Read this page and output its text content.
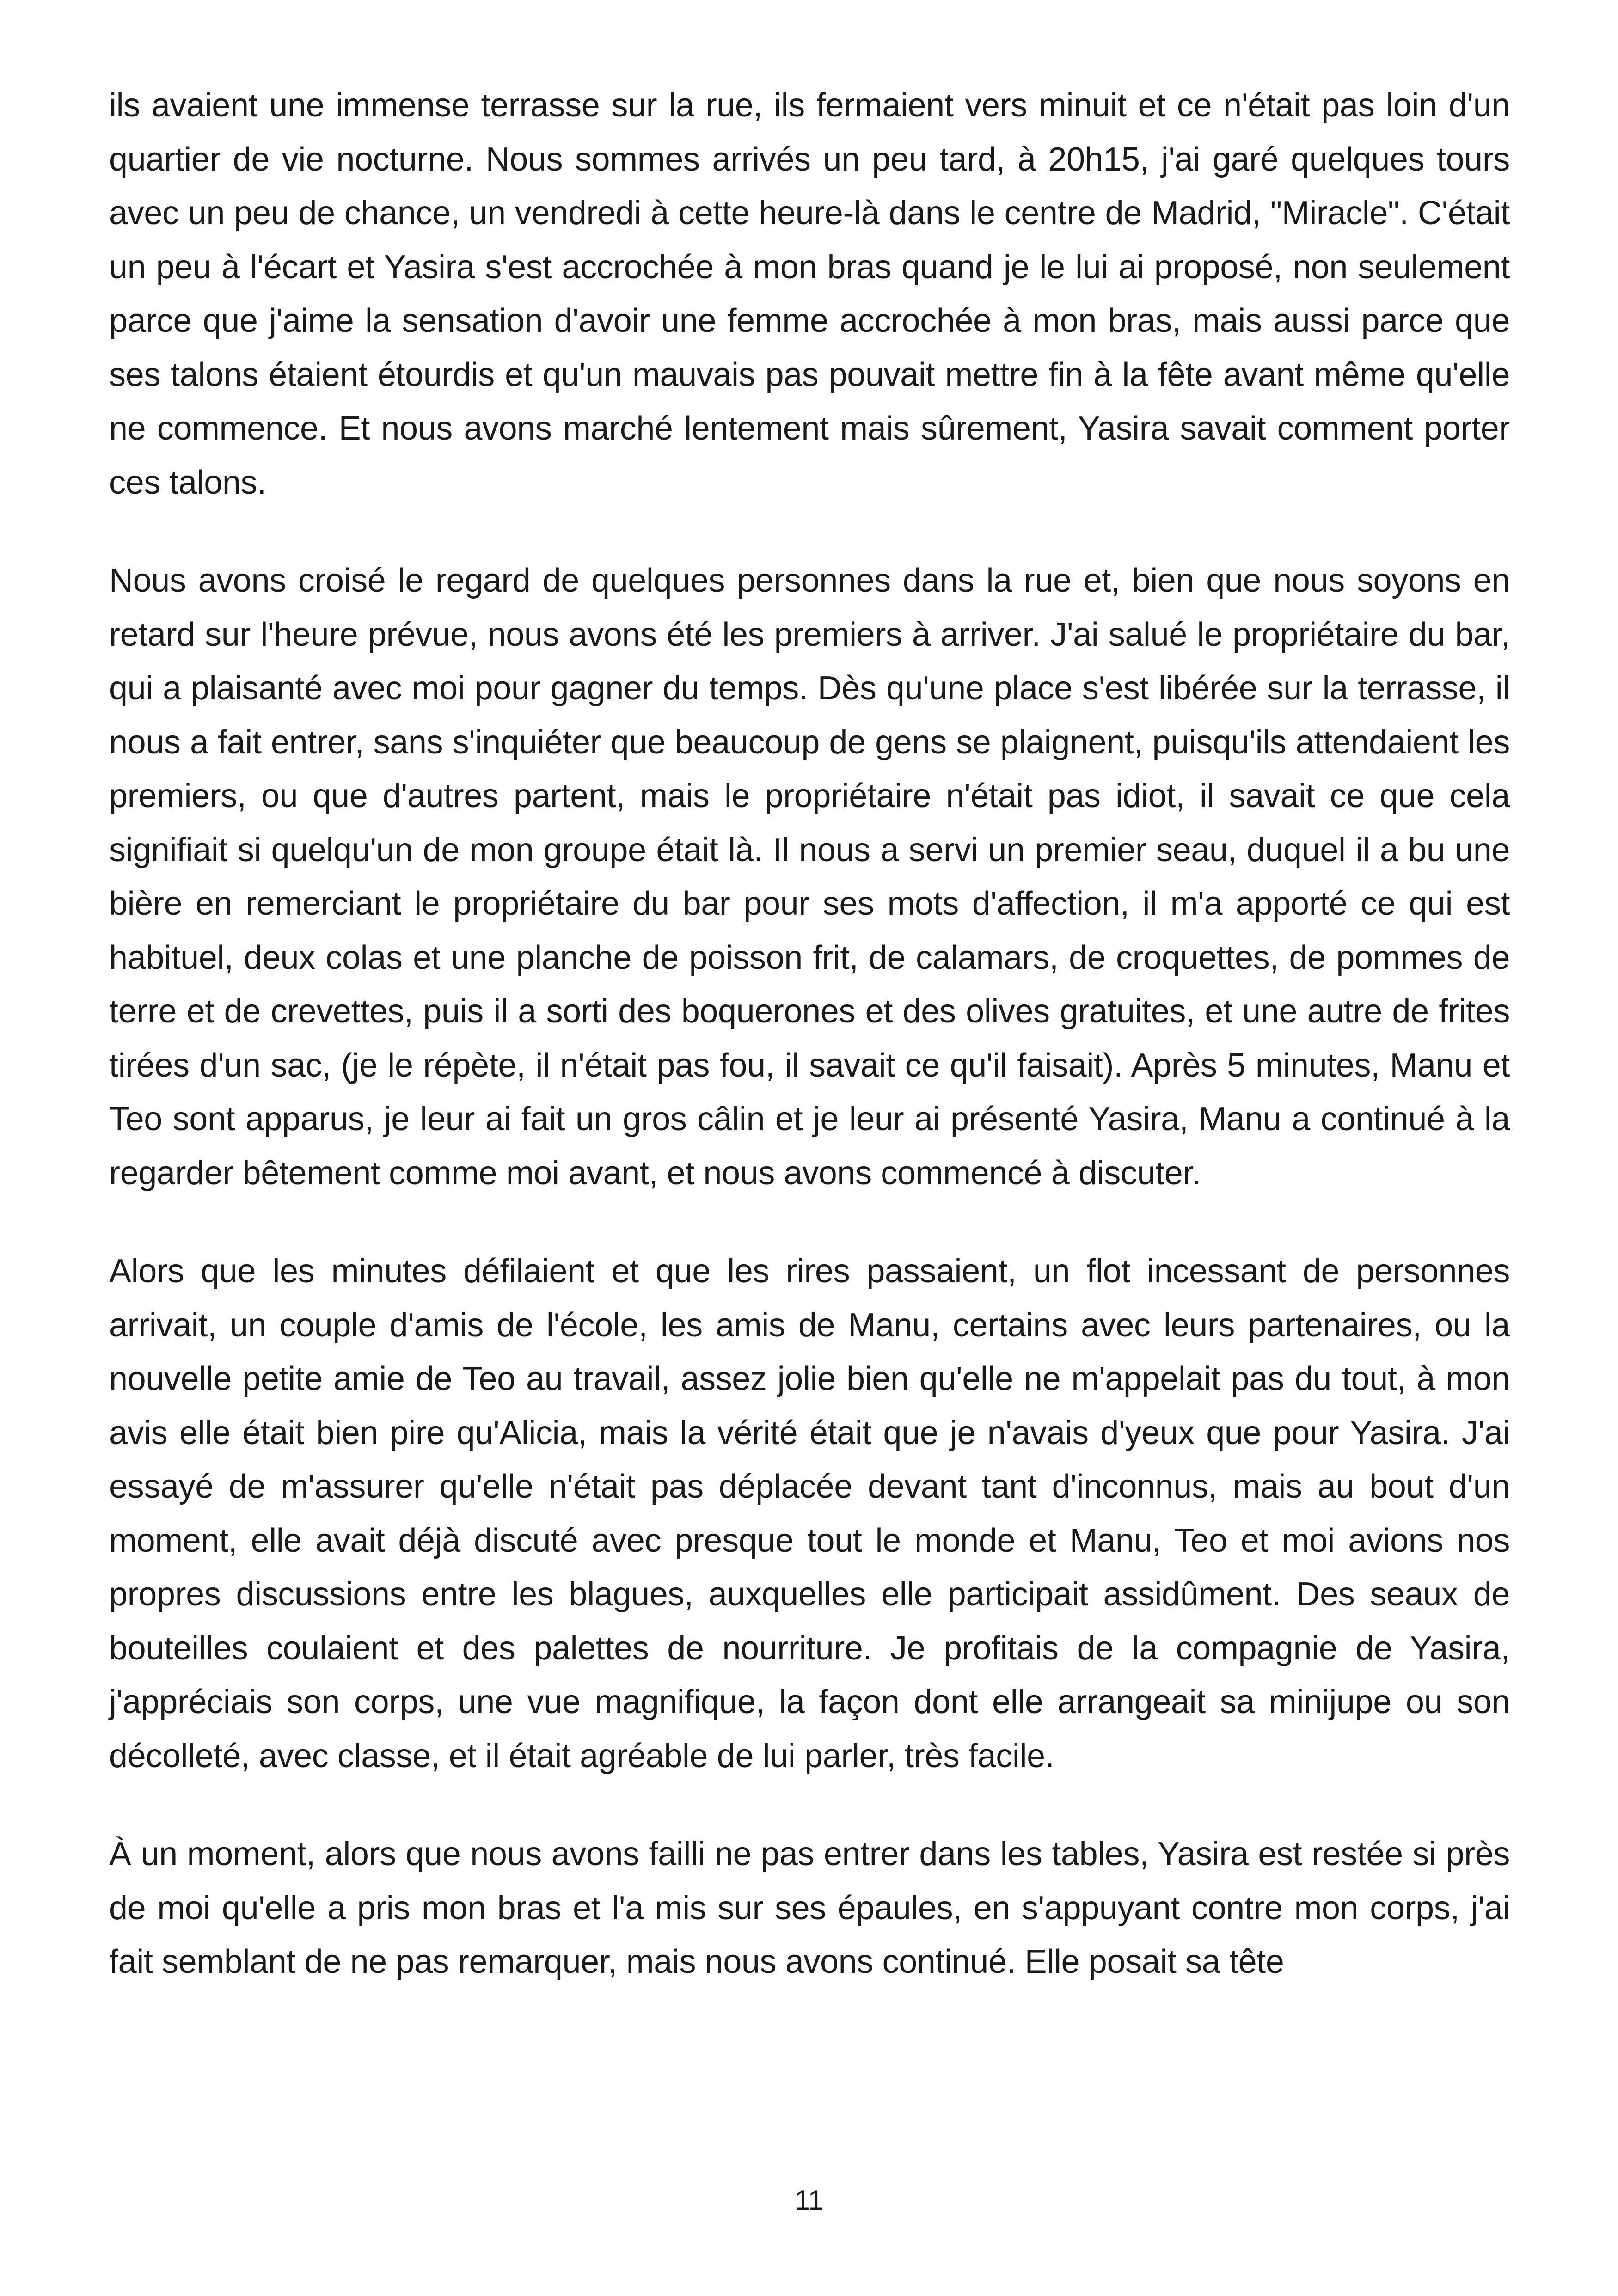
ils avaient une immense terrasse sur la rue, ils fermaient vers minuit et ce n'était pas loin d'un quartier de vie nocturne. Nous sommes arrivés un peu tard, à 20h15, j'ai garé quelques tours avec un peu de chance, un vendredi à cette heure-là dans le centre de Madrid, "Miracle". C'était un peu à l'écart et Yasira s'est accrochée à mon bras quand je le lui ai proposé, non seulement parce que j'aime la sensation d'avoir une femme accrochée à mon bras, mais aussi parce que ses talons étaient étourdis et qu'un mauvais pas pouvait mettre fin à la fête avant même qu'elle ne commence. Et nous avons marché lentement mais sûrement, Yasira savait comment porter ces talons.

Nous avons croisé le regard de quelques personnes dans la rue et, bien que nous soyons en retard sur l'heure prévue, nous avons été les premiers à arriver. J'ai salué le propriétaire du bar, qui a plaisanté avec moi pour gagner du temps. Dès qu'une place s'est libérée sur la terrasse, il nous a fait entrer, sans s'inquiéter que beaucoup de gens se plaignent, puisqu'ils attendaient les premiers, ou que d'autres partent, mais le propriétaire n'était pas idiot, il savait ce que cela signifiait si quelqu'un de mon groupe était là. Il nous a servi un premier seau, duquel il a bu une bière en remerciant le propriétaire du bar pour ses mots d'affection, il m'a apporté ce qui est habituel, deux colas et une planche de poisson frit, de calamars, de croquettes, de pommes de terre et de crevettes, puis il a sorti des boquerones et des olives gratuites, et une autre de frites tirées d'un sac, (je le répète, il n'était pas fou, il savait ce qu'il faisait). Après 5 minutes, Manu et Teo sont apparus, je leur ai fait un gros câlin et je leur ai présenté Yasira, Manu a continué à la regarder bêtement comme moi avant, et nous avons commencé à discuter.

Alors que les minutes défilaient et que les rires passaient, un flot incessant de personnes arrivait, un couple d'amis de l'école, les amis de Manu, certains avec leurs partenaires, ou la nouvelle petite amie de Teo au travail, assez jolie bien qu'elle ne m'appelait pas du tout, à mon avis elle était bien pire qu'Alicia, mais la vérité était que je n'avais d'yeux que pour Yasira. J'ai essayé de m'assurer qu'elle n'était pas déplacée devant tant d'inconnus, mais au bout d'un moment, elle avait déjà discuté avec presque tout le monde et Manu, Teo et moi avions nos propres discussions entre les blagues, auxquelles elle participait assidûment. Des seaux de bouteilles coulaient et des palettes de nourriture. Je profitais de la compagnie de Yasira, j'appréciais son corps, une vue magnifique, la façon dont elle arrangeait sa minijupe ou son décolleté, avec classe, et il était agréable de lui parler, très facile.

À un moment, alors que nous avons failli ne pas entrer dans les tables, Yasira est restée si près de moi qu'elle a pris mon bras et l'a mis sur ses épaules, en s'appuyant contre mon corps, j'ai fait semblant de ne pas remarquer, mais nous avons continué. Elle posait sa tête

11
